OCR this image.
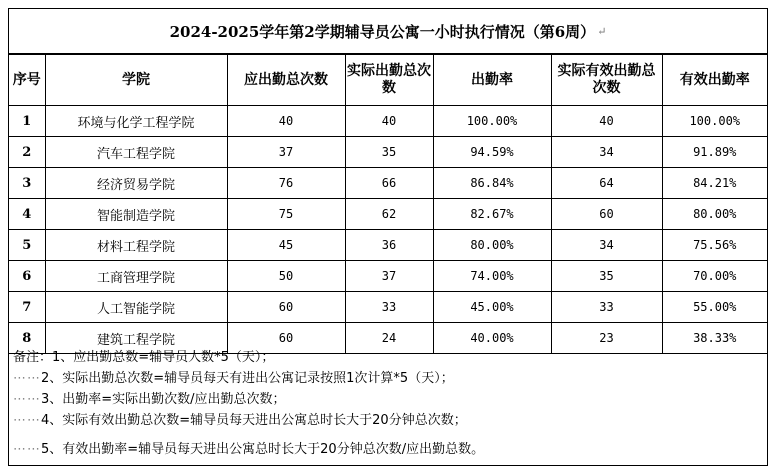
2024-2025学年第2学期辅导员公寓一小时执行情况（第6周） ↵
序号	学院	应出勤总次数	实际出勤总次数	出勤率	实际有效出勤总次数	有效出勤率
1	环境与化学工程学院	40	40	100.00%	40	100.00%
2	汽车工程学院	37	35	94.59%	34	91.89%
3	经济贸易学院	76	66	86.84%	64	84.21%
4	智能制造学院	75	62	82.67%	60	80.00%
5	材料工程学院	45	36	80.00%	34	75.56%
6	工商管理学院	50	37	74.00%	35	70.00%
7	人工智能学院	60	33	45.00%	33	55.00%
8	建筑工程学院	60	24	40.00%	23	38.33%
备注：1、应出勤总数=辅导员人数*5（天）；
⋯⋯2、实际出勤总次数=辅导员每天有进出公寓记录按照1次计算*5（天）；
⋯⋯3、出勤率=实际出勤次数/应出勤总次数；
⋯⋯4、实际有效出勤总次数=辅导员每天进出公寓总时长大于20分钟总次数；
⋯⋯5、有效出勤率=辅导员每天进出公寓总时长大于20分钟总次数/应出勤总数。
